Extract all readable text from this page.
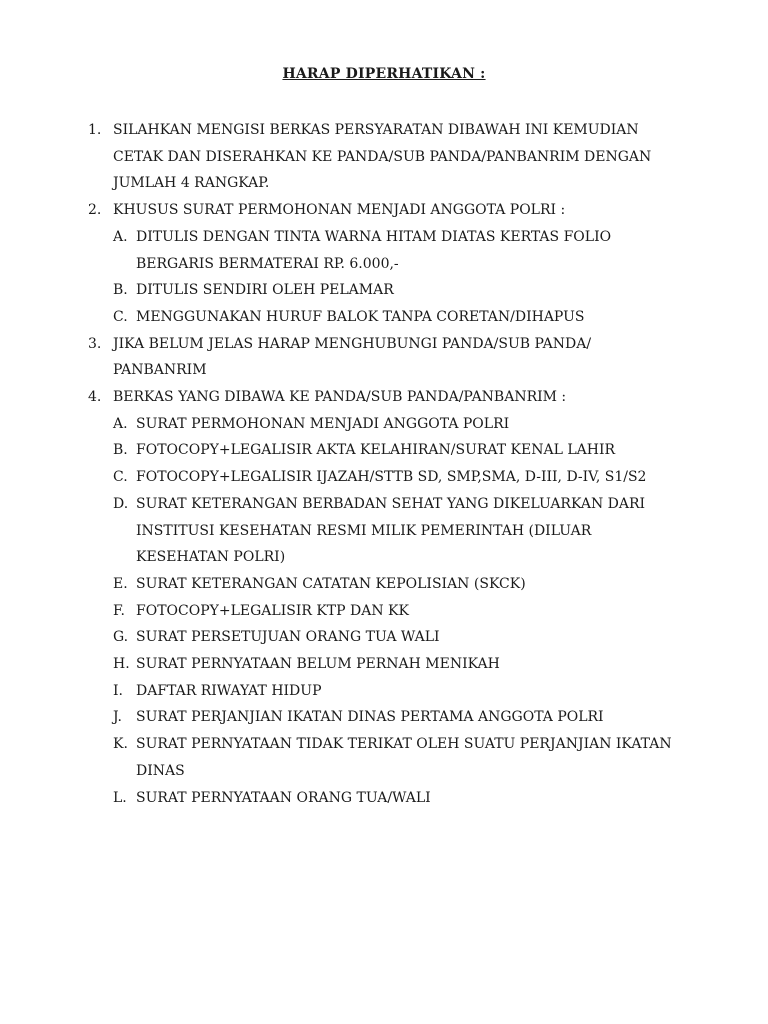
HARAP DIPERHATIKAN :
1. SILAHKAN MENGISI BERKAS PERSYARATAN DIBAWAH INI KEMUDIAN CETAK DAN DISERAHKAN KE PANDA/SUB PANDA/PANBANRIM DENGAN JUMLAH 4 RANGKAP.
2. KHUSUS SURAT PERMOHONAN MENJADI ANGGOTA POLRI :
A. DITULIS DENGAN TINTA WARNA HITAM DIATAS KERTAS FOLIO BERGARIS BERMATERAI RP. 6.000,-
B. DITULIS SENDIRI OLEH PELAMAR
C. MENGGUNAKAN HURUF BALOK TANPA CORETAN/DIHAPUS
3. JIKA BELUM JELAS HARAP MENGHUBUNGI PANDA/SUB PANDA/ PANBANRIM
4. BERKAS YANG DIBAWA KE PANDA/SUB PANDA/PANBANRIM :
A. SURAT PERMOHONAN MENJADI ANGGOTA POLRI
B. FOTOCOPY+LEGALISIR AKTA KELAHIRAN/SURAT KENAL LAHIR
C. FOTOCOPY+LEGALISIR IJAZAH/STTB SD, SMP,SMA, D-III, D-IV, S1/S2
D. SURAT KETERANGAN BERBADAN SEHAT YANG DIKELUARKAN DARI INSTITUSI KESEHATAN RESMI MILIK PEMERINTAH (DILUAR KESEHATAN POLRI)
E. SURAT KETERANGAN CATATAN KEPOLISIAN (SKCK)
F. FOTOCOPY+LEGALISIR KTP DAN KK
G. SURAT PERSETUJUAN ORANG TUA WALI
H. SURAT PERNYATAAN BELUM PERNAH MENIKAH
I. DAFTAR RIWAYAT HIDUP
J. SURAT PERJANJIAN IKATAN DINAS PERTAMA ANGGOTA POLRI
K. SURAT PERNYATAAN TIDAK TERIKAT OLEH SUATU PERJANJIAN IKATAN DINAS
L. SURAT PERNYATAAN ORANG TUA/WALI
